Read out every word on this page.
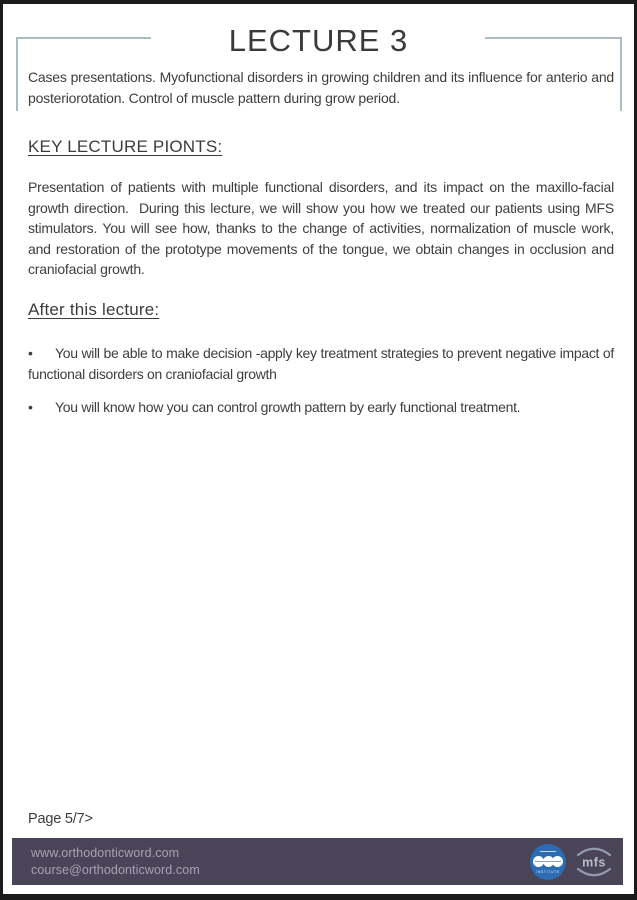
LECTURE 3

Cases presentations. Myofunctional disorders in growing children and its influence for anterio and posteriorotation. Control of muscle pattern during grow period.

KEY LECTURE PIONTS:

Presentation of patients with multiple functional disorders, and its impact on the maxillo-facial growth direction.  During this lecture, we will show you how we treated our patients using MFS stimulators. You will see how, thanks to the change of activities, normalization of muscle work, and restoration of the prototype movements of the tongue, we obtain changes in occlusion and craniofacial growth.

After this lecture:
• You will be able to make decision -apply key treatment strategies to prevent negative impact of functional disorders on craniofacial growth
• You will know how you can control growth pattern by early functional treatment.
Page 5/7>
www.orthodonticword.com
course@orthodonticword.com	INSTITUTE
mfs
